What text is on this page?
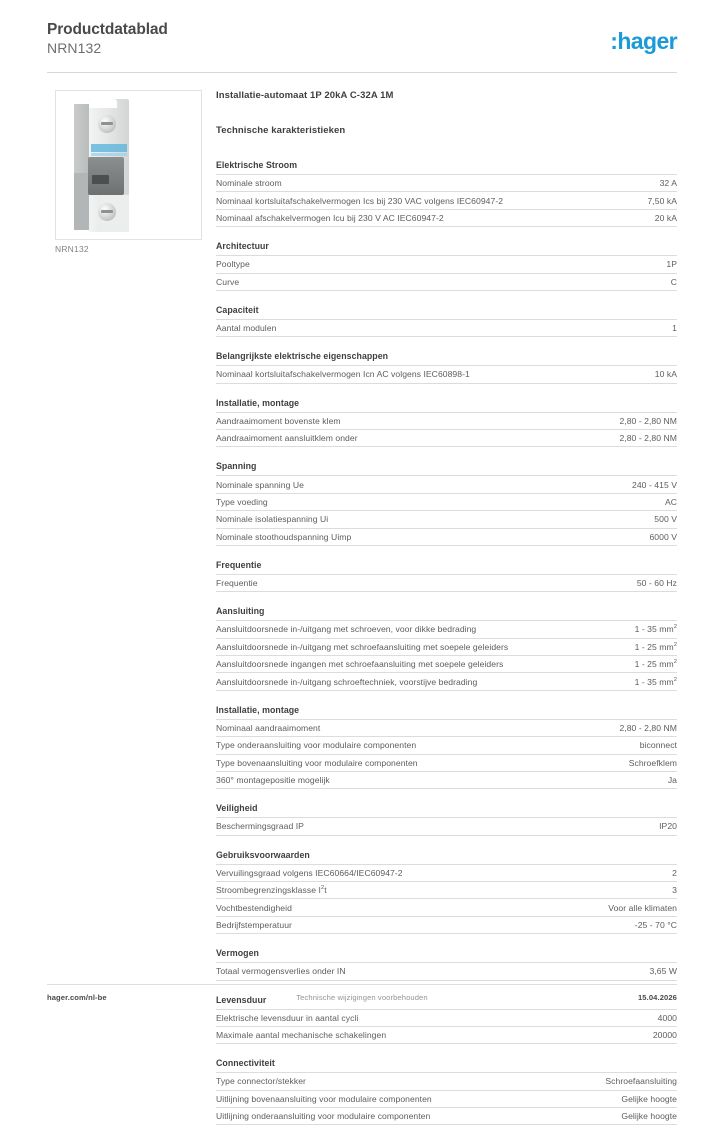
Productdatablad
NRN132	:hager
NRN132
Installatie-automaat 1P 20kA C-32A 1M
Technische karakteristieken
Elektrische Stroom
Nominale stroom	32 A
Nominaal kortsluitafschakelvermogen Ics bij 230 VAC volgens IEC60947-2	7,50 kA
Nominaal afschakelvermogen Icu bij 230 V AC IEC60947-2	20 kA
Architectuur
Pooltype	1P
Curve	C
Capaciteit
Aantal modulen	1
Belangrijkste elektrische eigenschappen
Nominaal kortsluitafschakelvermogen Icn AC volgens IEC60898-1	10 kA
Installatie, montage
Aandraaimoment bovenste klem	2,80 - 2,80 NM
Aandraaimoment aansluitklem onder	2,80 - 2,80 NM
Spanning
Nominale spanning Ue	240 - 415 V
Type voeding	AC
Nominale isolatiespanning Ui	500 V
Nominale stoothoudspanning Uimp	6000 V
Frequentie
Frequentie	50 - 60 Hz
Aansluiting
Aansluitdoorsnede in-/uitgang met schroeven, voor dikke bedrading	1 - 35 $mm^2$
Aansluitdoorsnede in-/uitgang met schroefaansluiting met soepele geleiders	1 - 25 $mm^2$
Aansluitdoorsnede ingangen met schroefaansluiting met soepele geleiders	1 - 25 $mm^2$
Aansluitdoorsnede in-/uitgang schroeftechniek, voorstijve bedrading	1 - 35 $mm^2$
Installatie, montage
Nominaal aandraaimoment	2,80 - 2,80 NM
Type onderaansluiting voor modulaire componenten	biconnect
Type bovenaansluiting voor modulaire componenten	Schroefklem
360° montagepositie mogelijk	Ja
Veiligheid
Beschermingsgraad IP	IP20
Gebruiksvoorwaarden
Vervuilingsgraad volgens IEC60664/IEC60947-2	2
Stroombegrenzingsklasse $I^2t$	3
Vochtbestendigheid	Voor alle klimaten
Bedrijfstemperatuur	-25 - 70 °C
Vermogen
Totaal vermogensverlies onder IN	3,65 W
Levensduur
Elektrische levensduur in aantal cycli	4000
Maximale aantal mechanische schakelingen	20000
Connectiviteit
Type connector/stekker	Schroefaansluiting
Uitlijning bovenaansluiting voor modulaire componenten	Gelijke hoogte
Uitlijning onderaansluiting voor modulaire componenten	Gelijke hoogte
hager.com/nl-be	Technische wijzigingen voorbehouden	15.04.2026
